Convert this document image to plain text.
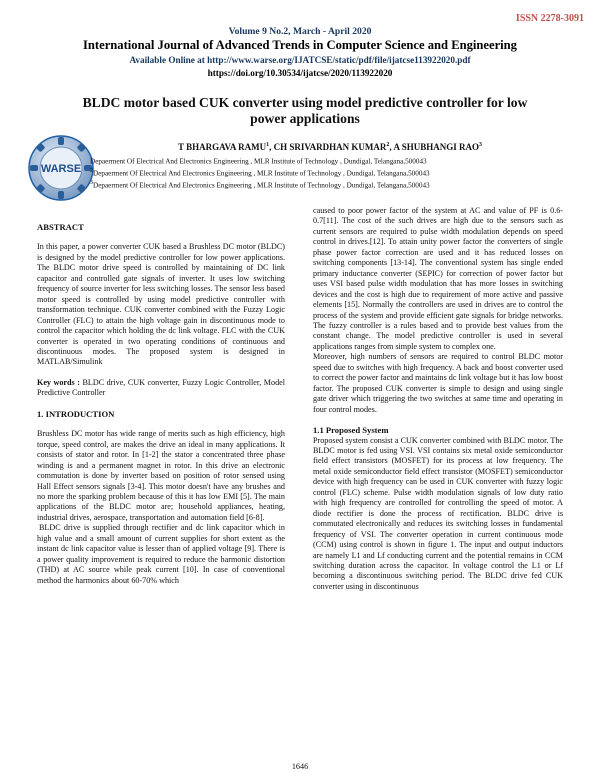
ISSN 2278-3091
Volume 9 No.2, March - April 2020
International Journal of Advanced Trends in Computer Science and Engineering
Available Online at http://www.warse.org/IJATCSE/static/pdf/file/ijatcse113922020.pdf
https://doi.org/10.30534/ijatcse/2020/113922020
WARSE
BLDC motor based CUK converter using model predictive controller for low power applications
T BHARGAVA RAMU$^1$, CH SRIVARDHAN KUMAR$^2$, A SHUBHANGI RAO$^3$
Depaerment Of Electrical And Electronics Engineering , MLR Institute of Technology , Dundigal, Telangana,500043
$^2$Depaerment Of Electrical And Electronics Engineering , MLR Institute of Technology , Dundigal, Telangana,500043
$^3$Depaerment Of Electrical And Electronics Engineering , MLR Institute of Technology , Dundigal, Telangana,500043

ABSTRACT

In this paper, a power converter CUK based a Brushless DC motor (BLDC) is designed by the model predictive controller for low power applications. The BLDC motor drive speed is controlled by maintaining of DC link capacitor and controlled gate signals of inverter. It uses low switching frequency of source inverter for less switching losses. The sensor less based motor speed is controlled by using model predictive controller with transformation technique. CUK converter combined with the Fuzzy Logic Controller (FLC) to attain the high voltage gain in discontinuous mode to control the capacitor which holding the dc link voltage. FLC with the CUK converter is operated in two operating conditions of continuous and discontinuous modes. The proposed system is designed in MATLAB/Simulink

Key words : BLDC drive, CUK converter, Fuzzy Logic Controller, Model Predictive Controller

1. INTRODUCTION

Brushless DC motor has wide range of merits such as high efficiency, high torque, speed control, are makes the drive an ideal in many applications. It consists of stator and rotor. In [1-2] the stator a concentrated three phase winding is and a permanent magnet in rotor. In this drive an electronic commutation is done by inverter based on position of rotor sensed using Hall Effect sensors signals [3-4]. This motor doesn't have any brushes and no more the sparking problem because of this it has low EMI [5]. The main applications of the BLDC motor are; household appliances, heating, industrial drives, aerospace, transportation and automation field [6-8].

BLDC drive is supplied through rectifier and dc link capacitor which in high value and a small amount of current supplies for short extent as the instant dc link capacitor value is lesser than of applied voltage [9]. There is a power quality improvement is required to reduce the harmonic distortion (THD) at AC source while peak current [10]. In case of conventional method the harmonics about 60-70% which

caused to poor power factor of the system at AC and value of PF is 0.6-0.7[11]. The cost of the such drives are high due to the sensors such as current sensors are required to pulse width modulation depends on speed control in drives.[12]. To attain unity power factor the converters of single phase power factor correction are used and it has reduced losses on switching components [13-14]. The conventional system has single ended primary inductance converter (SEPIC) for correction of power factor but uses VSI based pulse width modulation that has more losses in switching devices and the cost is high due to requirement of more active and passive elements [15]. Normally the controllers are used in drives are to control the process of the system and provide efficient gate signals for bridge networks. The fuzzy controller is a rules based and to provide best values from the constant change. The model predictive controller is used in several applications ranges from simple system to complex one.

Moreover, high numbers of sensors are required to control BLDC motor speed due to switches with high frequency. A back and boost converter used to correct the power factor and maintains dc link voltage but it has low boost factor. The proposed CUK converter is simple to design and using single gate driver which triggering the two switches at same time and operating in four control modes.

1.1 Proposed System

Proposed system consist a CUK converter combined with BLDC motor. The BLDC motor is fed using VSI. VSI contains six metal oxide semiconductor field effect transistors (MOSFET) for its process at low frequency. The metal oxide semiconductor field effect transistor (MOSFET) semiconductor device with high frequency can be used in CUK converter with fuzzy logic control (FLC) scheme. Pulse width modulation signals of low duty ratio with high frequency are controlled for controlling the speed of motor. A diode rectifier is done the process of rectification. BLDC drive is commutated electronically and reduces its switching losses in fundamental frequency of VSI. The converter operation in current continuous mode (CCM) using control is shown in figure 1. The input and output inductors are namely L1 and Lf conducting current and the potential remains in CCM switching duration across the capacitor. In voltage control the L1 or Lf becoming a discontinuous switching period. The BLDC drive fed CUK converter using in discontinuous

1646
